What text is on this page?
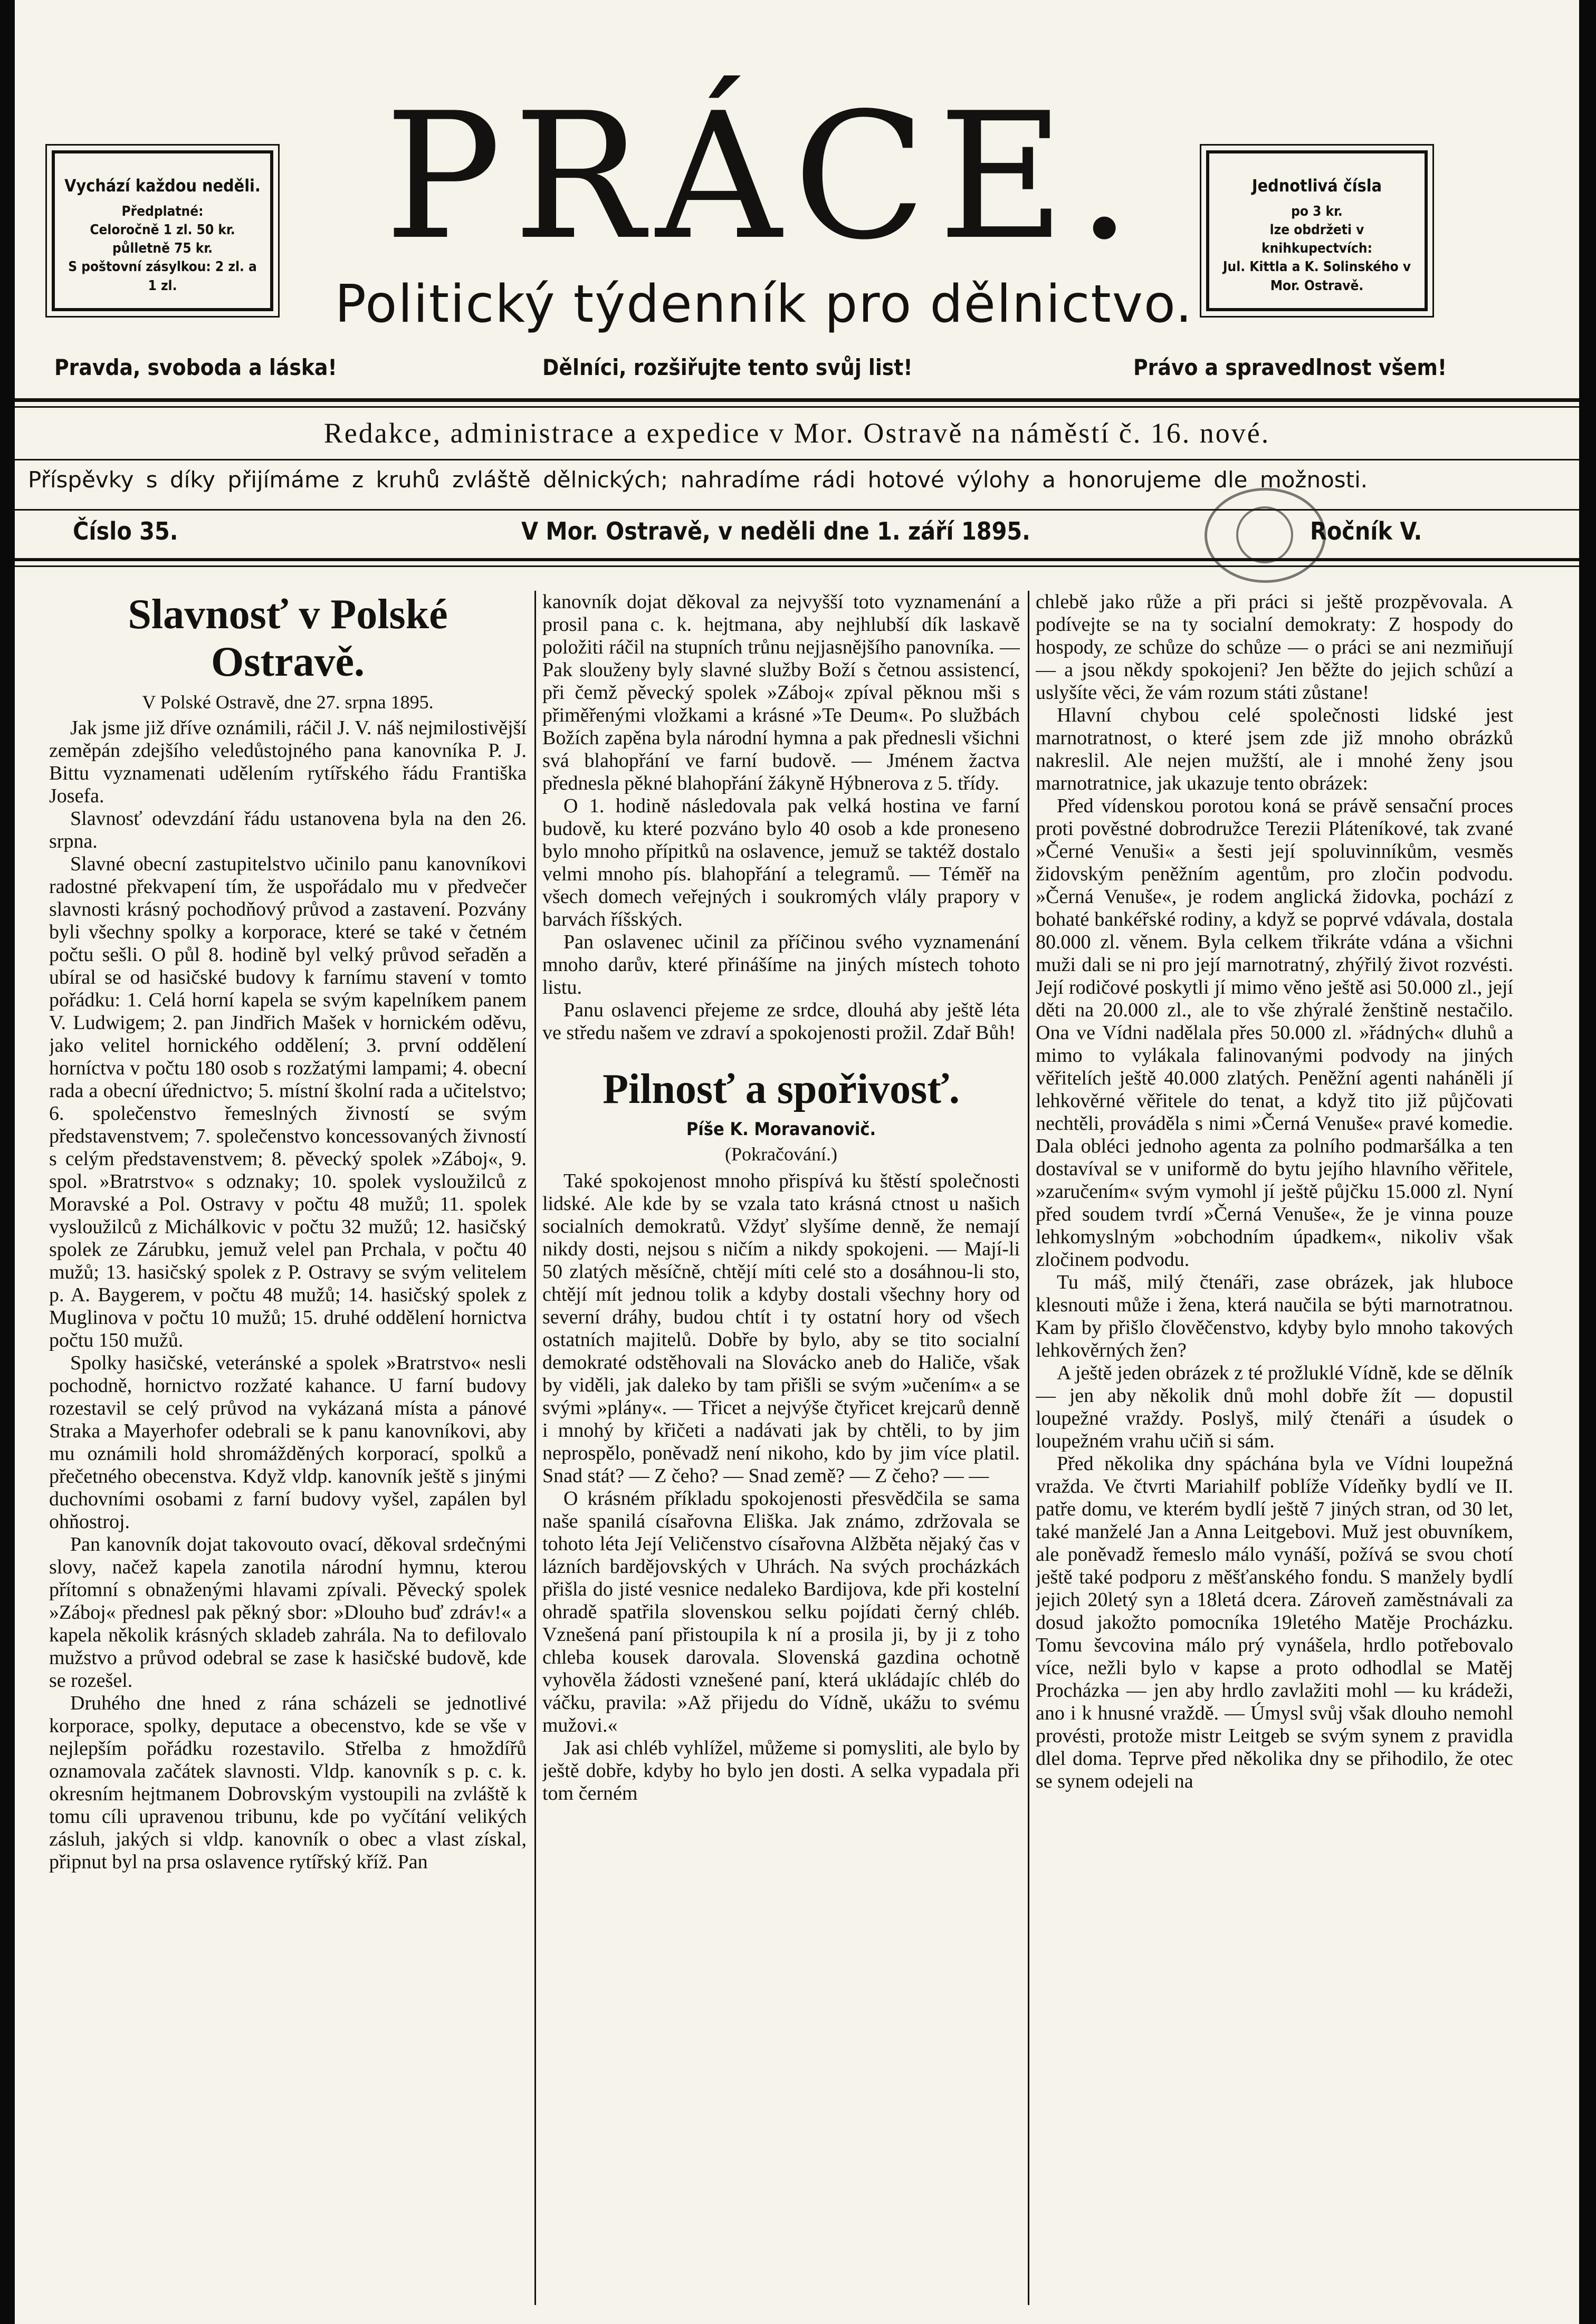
Vychází každou neděli.
Předplatné:
Celoročně 1 zl. 50 kr. půlletně 75 kr.
S poštovní zásylkou: 2 zl. a 1 zl.
PRÁCE.
Politický týdenník pro dělnictvo.
Jednotlivá čísla
po 3 kr.
lze obdržeti v knihkupectvích:
Jul. Kittla a K. Solinského v Mor. Ostravě.
Pravda, svoboda a láska!	Dělníci, rozšiřujte tento svůj list!	Právo a spravedlnost všem!
Redakce, administrace a expedice v Mor. Ostravě na náměstí č. 16. nové.
Příspěvky s díky přijímáme z kruhů zvláště dělnických; nahradíme rádi hotové výlohy a honorujeme dle možnosti.
Číslo 35.	V Mor. Ostravě, v neděli dne 1. září 1895.	Ročník V.
Slavnosť v Polské Ostravě.
V Polské Ostravě, dne 27. srpna 1895.

Jak jsme již dříve oznámili, ráčil J. V. náš nejmilostivější zeměpán zdejšího veledůstojného pana kanovníka P. J. Bittu vyznamenati udělením rytířského řádu Františka Josefa.

Slavnosť odevzdání řádu ustanovena byla na den 26. srpna.

Slavné obecní zastupitelstvo učinilo panu kanovníkovi radostné překvapení tím, že uspořádalo mu v předvečer slavnosti krásný pochodňový průvod a zastavení. Pozvány byli všechny spolky a korporace, které se také v četném počtu sešli. O půl 8. hodině byl velký průvod seřaděn a ubíral se od hasičské budovy k farnímu stavení v tomto pořádku: 1. Celá horní kapela se svým kapelníkem panem V. Ludwigem; 2. pan Jindřich Mašek v hornickém oděvu, jako velitel hornického oddělení; 3. první oddělení horníctva v počtu 180 osob s rozžatými lampami; 4. obecní rada a obecní úřednictvo; 5. místní školní rada a učitelstvo; 6. společenstvo řemeslných živností se svým představenstvem; 7. společenstvo koncessovaných živností s celým představenstvem; 8. pěvecký spolek »Záboj«, 9. spol. »Bratrstvo« s odznaky; 10. spolek vysloužilců z Moravské a Pol. Ostravy v počtu 48 mužů; 11. spolek vysloužilců z Michálkovic v počtu 32 mužů; 12. hasičský spolek ze Zárubku, jemuž velel pan Prchala, v počtu 40 mužů; 13. hasičský spolek z P. Ostravy se svým velitelem p. A. Baygerem, v počtu 48 mužů; 14. hasičský spolek z Muglinova v počtu 10 mužů; 15. druhé oddělení hornictva počtu 150 mužů.

Spolky hasičské, veteránské a spolek »Bratrstvo« nesli pochodně, hornictvo rozžaté kahance. U farní budovy rozestavil se celý průvod na vykázaná místa a pánové Straka a Mayerhofer odebrali se k panu kanovníkovi, aby mu oznámili hold shromážděných korporací, spolků a přečetného obecenstva. Když vldp. kanovník ještě s jinými duchovními osobami z farní budovy vyšel, zapálen byl ohňostroj.

Pan kanovník dojat takovouto ovací, děkoval srdečnými slovy, načež kapela zanotila národní hymnu, kterou přítomní s obnaženými hlavami zpívali. Pěvecký spolek »Záboj« přednesl pak pěkný sbor: »Dlouho buď zdráv!« a kapela několik krásných skladeb zahrála. Na to defilovalo mužstvo a průvod odebral se zase k hasičské budově, kde se rozešel.

Druhého dne hned z rána scházeli se jednotlivé korporace, spolky, deputace a obecenstvo, kde se vše v nejlepším pořádku rozestavilo. Střelba z hmoždířů oznamovala začátek slavnosti. Vldp. kanovník s p. c. k. okresním hejtmanem Dobrovským vystoupili na zvláště k tomu cíli upravenou tribunu, kde po vyčítání velikých zásluh, jakých si vldp. kanovník o obec a vlast získal, připnut byl na prsa oslavence rytířský kříž. Pan

kanovník dojat děkoval za nejvyšší toto vyznamenání a prosil pana c. k. hejtmana, aby nejhlubší dík laskavě položiti ráčil na stupních trůnu nejjasnějšího panovníka. — Pak slouženy byly slavné služby Boží s četnou assistencí, při čemž pěvecký spolek »Záboj« zpíval pěknou mši s přiměřenými vložkami a krásné »Te Deum«. Po službách Božích zapěna byla národní hymna a pak přednesli všichni svá blahopřání ve farní budově. — Jménem žactva přednesla pěkné blahopřání žákyně Hýbnerova z 5. třídy.

O 1. hodině následovala pak velká hostina ve farní budově, ku které pozváno bylo 40 osob a kde proneseno bylo mnoho přípitků na oslavence, jemuž se taktéž dostalo velmi mnoho pís. blahopřání a telegramů. — Téměř na všech domech veřejných i soukromých vlály prapory v barvách říšských.

Pan oslavenec učinil za příčinou svého vyznamenání mnoho darův, které přinášíme na jiných místech tohoto listu.

Panu oslavenci přejeme ze srdce, dlouhá aby ještě léta ve středu našem ve zdraví a spokojenosti prožil. Zdař Bůh!

Pilnosť a spořivosť.
Píše K. Moravanovič.
(Pokračování.)

Také spokojenost mnoho přispívá ku štěstí společnosti lidské. Ale kde by se vzala tato krásná ctnost u našich socialních demokratů. Vždyť slyšíme denně, že nemají nikdy dosti, nejsou s ničím a nikdy spokojeni. — Mají-li 50 zlatých měsíčně, chtějí míti celé sto a dosáhnou-li sto, chtějí mít jednou tolik a kdyby dostali všechny hory od severní dráhy, budou chtít i ty ostatní hory od všech ostatních majitelů. Dobře by bylo, aby se tito socialní demokraté odstěhovali na Slovácko aneb do Haliče, však by viděli, jak daleko by tam přišli se svým »učením« a se svými »plány«. — Třicet a nejvýše čtyřicet krejcarů denně i mnohý by křičeti a nadávati jak by chtěli, to by jim neprospělo, poněvadž není nikoho, kdo by jim více platil. Snad stát? — Z čeho? — Snad země? — Z čeho? — —

O krásném příkladu spokojenosti přesvědčila se sama naše spanilá císařovna Eliška. Jak známo, zdržovala se tohoto léta Její Veličenstvo císařovna Alžběta nějaký čas v lázních bardějovských v Uhrách. Na svých procházkách přišla do jisté vesnice nedaleko Bardijova, kde při kostelní ohradě spatřila slovenskou selku pojídati černý chléb. Vznešená paní přistoupila k ní a prosila ji, by ji z toho chleba kousek darovala. Slovenská gazdina ochotně vyhověla žádosti vznešené paní, která ukládajíc chléb do váčku, pravila: »Až přijedu do Vídně, ukážu to svému mužovi.«

Jak asi chléb vyhlížel, můžeme si pomysliti, ale bylo by ještě dobře, kdyby ho bylo jen dosti. A selka vypadala při tom černém

chlebě jako růže a při práci si ještě prozpěvovala. A podívejte se na ty socialní demokraty: Z hospody do hospody, ze schůze do schůze — o práci se ani nezmiňují — a jsou někdy spokojeni? Jen běžte do jejich schůzí a uslyšíte věci, že vám rozum státi zůstane!

Hlavní chybou celé společnosti lidské jest marnotratnost, o které jsem zde již mnoho obrázků nakreslil. Ale nejen mužští, ale i mnohé ženy jsou marnotratnice, jak ukazuje tento obrázek:

Před vídenskou porotou koná se právě sensační proces proti pověstné dobrodružce Terezii Pláteníkové, tak zvané »Černé Venuši« a šesti její spoluvinníkům, vesměs židovským peněžním agentům, pro zločin podvodu. »Černá Venuše«, je rodem anglická židovka, pochází z bohaté bankéřské rodiny, a když se poprvé vdávala, dostala 80.000 zl. věnem. Byla celkem třikráte vdána a všichni muži dali se ni pro její marnotratný, zhýřilý život rozvésti. Její rodičové poskytli jí mimo věno ještě asi 50.000 zl., její děti na 20.000 zl., ale to vše zhýralé ženštině nestačilo. Ona ve Vídni nadělala přes 50.000 zl. »řádných« dluhů a mimo to vylákala falinovanými podvody na jiných věřitelích ještě 40.000 zlatých. Peněžní agenti naháněli jí lehkověrné věřitele do tenat, a když tito již půjčovati nechtěli, prováděla s nimi »Černá Venuše« pravé komedie. Dala obléci jednoho agenta za polního podmaršálka a ten dostavíval se v uniformě do bytu jejího hlavního věřitele, »zaručením« svým vymohl jí ještě půjčku 15.000 zl. Nyní před soudem tvrdí »Černá Venuše«, že je vinna pouze lehkomyslným »obchodním úpadkem«, nikoliv však zločinem podvodu.

Tu máš, milý čtenáři, zase obrázek, jak hluboce klesnouti může i žena, která naučila se býti marnotratnou. Kam by přišlo člověčenstvo, kdyby bylo mnoho takových lehkověrných žen?

A ještě jeden obrázek z té prožluklé Vídně, kde se dělník — jen aby několik dnů mohl dobře žít — dopustil loupežné vraždy. Poslyš, milý čtenáři a úsudek o loupežném vrahu učiň si sám.

Před několika dny spáchána byla ve Vídni loupežná vražda. Ve čtvrti Mariahilf poblíže Vídeňky bydlí ve II. patře domu, ve kterém bydlí ještě 7 jiných stran, od 30 let, také manželé Jan a Anna Leitgebovi. Muž jest obuvníkem, ale poněvadž řemeslo málo vynáší, požívá se svou chotí ještě také podporu z měšťanského fondu. S manžely bydlí jejich 20letý syn a 18letá dcera. Zároveň zaměstnávali za dosud jakožto pomocníka 19letého Matěje Procházku. Tomu ševcovina málo prý vynášela, hrdlo potřebovalo více, nežli bylo v kapse a proto odhodlal se Matěj Procházka — jen aby hrdlo zavlažiti mohl — ku krádeži, ano i k hnusné vraždě. — Úmysl svůj však dlouho nemohl provésti, protože mistr Leitgeb se svým synem z pravidla dlel doma. Teprve před několika dny se přihodilo, že otec se synem odejeli na
